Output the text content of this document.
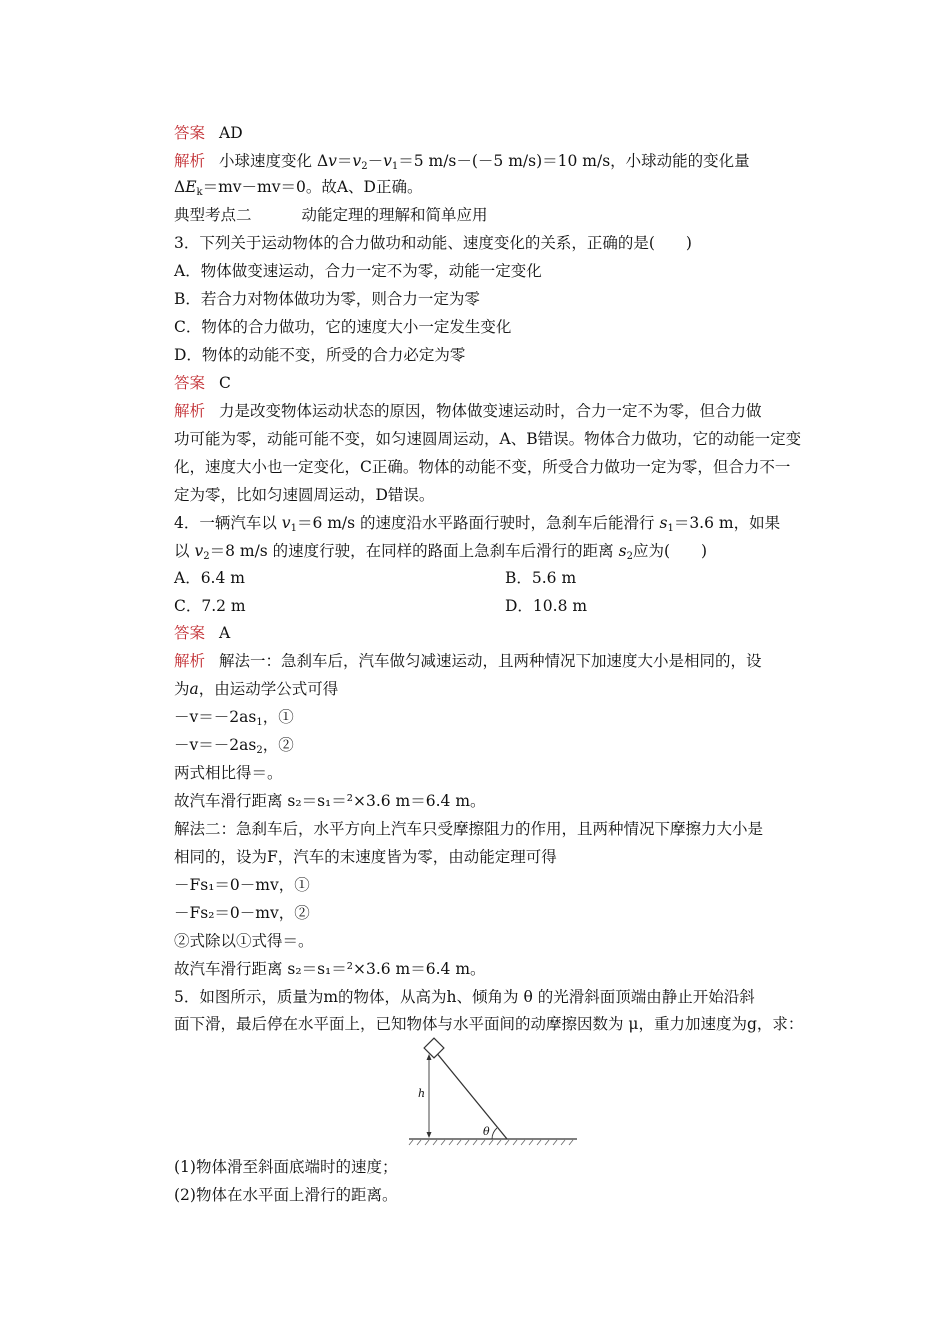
答案 AD
解析 小球速度变化 $\Delta v=v_2-v_1=5$ m/s－(－5 m/s)＝10 m/s，小球动能的变化量
$\Delta E_k=mv-mv=0$。故A、D正确。
典型考点二	动能定理的理解和简单应用
3．下列关于运动物体的合力做功和动能、速度变化的关系，正确的是(　　)
A．物体做变速运动，合力一定不为零，动能一定变化
B．若合力对物体做功为零，则合力一定为零
C．物体的合力做功，它的速度大小一定发生变化
D．物体的动能不变，所受的合力必定为零
答案 C
解析 力是改变物体运动状态的原因，物体做变速运动时，合力一定不为零，但合力做
功可能为零，动能可能不变，如匀速圆周运动，A、B错误。物体合力做功，它的动能一定变
化，速度大小也一定变化，C正确。物体的动能不变，所受合力做功一定为零，但合力不一
定为零，比如匀速圆周运动，D错误。
4．一辆汽车以 $v_1=6$ m/s 的速度沿水平路面行驶时，急刹车后能滑行 $s_1=3.6$ m，如果
以 $v_2=8$ m/s 的速度行驶，在同样的路面上急刹车后滑行的距离 $s_2$应为(　　)
A．6.4 m	B．5.6 m
C．7.2 m	D．10.8 m
答案 A
解析 解法一：急刹车后，汽车做匀减速运动，且两种情况下加速度大小是相同的，设
为a，由运动学公式可得
$-v=-2as_1$，①
$-v=-2as_2$，②
两式相比得＝。
故汽车滑行距离 s₂＝s₁＝²×3.6 m＝6.4 m。
解法二：急刹车后，水平方向上汽车只受摩擦阻力的作用，且两种情况下摩擦力大小是
相同的，设为F，汽车的末速度皆为零，由动能定理可得
－Fs₁＝0－mv，①
－Fs₂＝0－mv，②
②式除以①式得＝。
故汽车滑行距离 s₂＝s₁＝²×3.6 m＝6.4 m。
5．如图所示，质量为m的物体，从高为h、倾角为 θ 的光滑斜面顶端由静止开始沿斜
面下滑，最后停在水平面上，已知物体与水平面间的动摩擦因数为 μ，重力加速度为g，求：
h
θ
(1)物体滑至斜面底端时的速度；
(2)物体在水平面上滑行的距离。
